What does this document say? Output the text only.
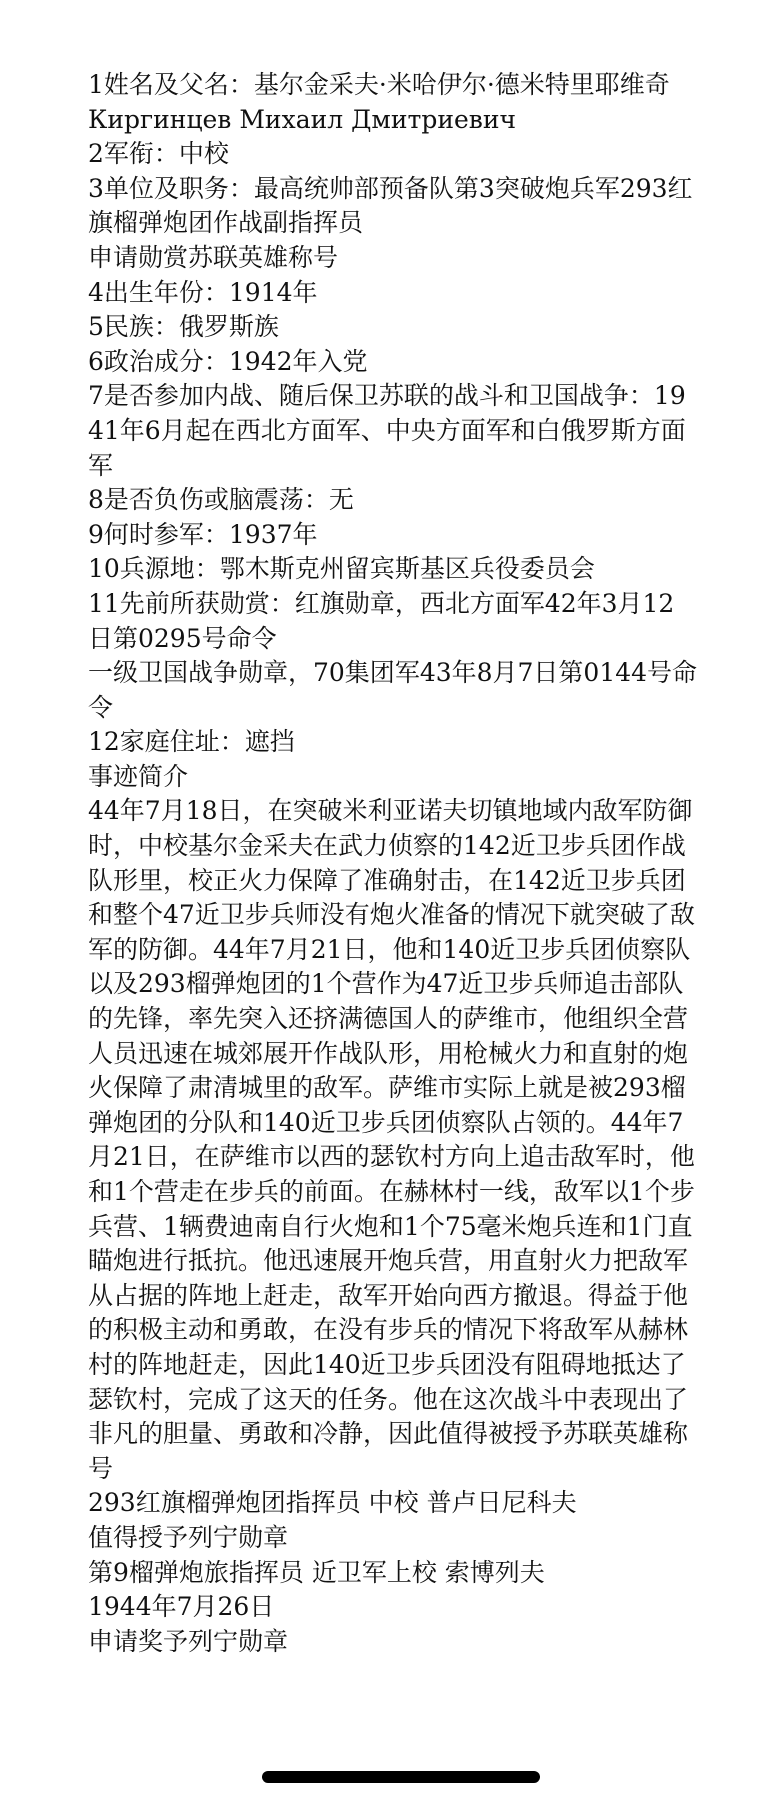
1姓名及父名：基尔金采夫·米哈伊尔·德米特里耶维奇

Киргинцев Михаил Дмитриевич

2军衔：中校

3单位及职务：最高统帅部预备队第3突破炮兵军293红旗榴弹炮团作战副指挥员

申请勋赏苏联英雄称号

4出生年份：1914年

5民族：俄罗斯族

6政治成分：1942年入党

7是否参加内战、随后保卫苏联的战斗和卫国战争：1941年6月起在西北方面军、中央方面军和白俄罗斯方面军

8是否负伤或脑震荡：无

9何时参军：1937年

10兵源地：鄂木斯克州留宾斯基区兵役委员会

11先前所获勋赏：红旗勋章，西北方面军42年3月12日第0295号命令

一级卫国战争勋章，70集团军43年8月7日第0144号命令

12家庭住址：遮挡

事迹简介

44年7月18日，在突破米利亚诺夫切镇地域内敌军防御时，中校基尔金采夫在武力侦察的142近卫步兵团作战队形里，校正火力保障了准确射击，在142近卫步兵团和整个47近卫步兵师没有炮火准备的情况下就突破了敌军的防御。44年7月21日，他和140近卫步兵团侦察队以及293榴弹炮团的1个营作为47近卫步兵师追击部队的先锋，率先突入还挤满德国人的萨维市，他组织全营人员迅速在城郊展开作战队形，用枪械火力和直射的炮火保障了肃清城里的敌军。萨维市实际上就是被293榴弹炮团的分队和140近卫步兵团侦察队占领的。44年7月21日，在萨维市以西的瑟钦村方向上追击敌军时，他和1个营走在步兵的前面。在赫林村一线，敌军以1个步兵营、1辆费迪南自行火炮和1个75毫米炮兵连和1门直瞄炮进行抵抗。他迅速展开炮兵营，用直射火力把敌军从占据的阵地上赶走，敌军开始向西方撤退。得益于他的积极主动和勇敢，在没有步兵的情况下将敌军从赫林村的阵地赶走，因此140近卫步兵团没有阻碍地抵达了瑟钦村，完成了这天的任务。他在这次战斗中表现出了非凡的胆量、勇敢和冷静，因此值得被授予苏联英雄称号

293红旗榴弹炮团指挥员 中校 普卢日尼科夫

值得授予列宁勋章

第9榴弹炮旅指挥员 近卫军上校 索博列夫

1944年7月26日

申请奖予列宁勋章
